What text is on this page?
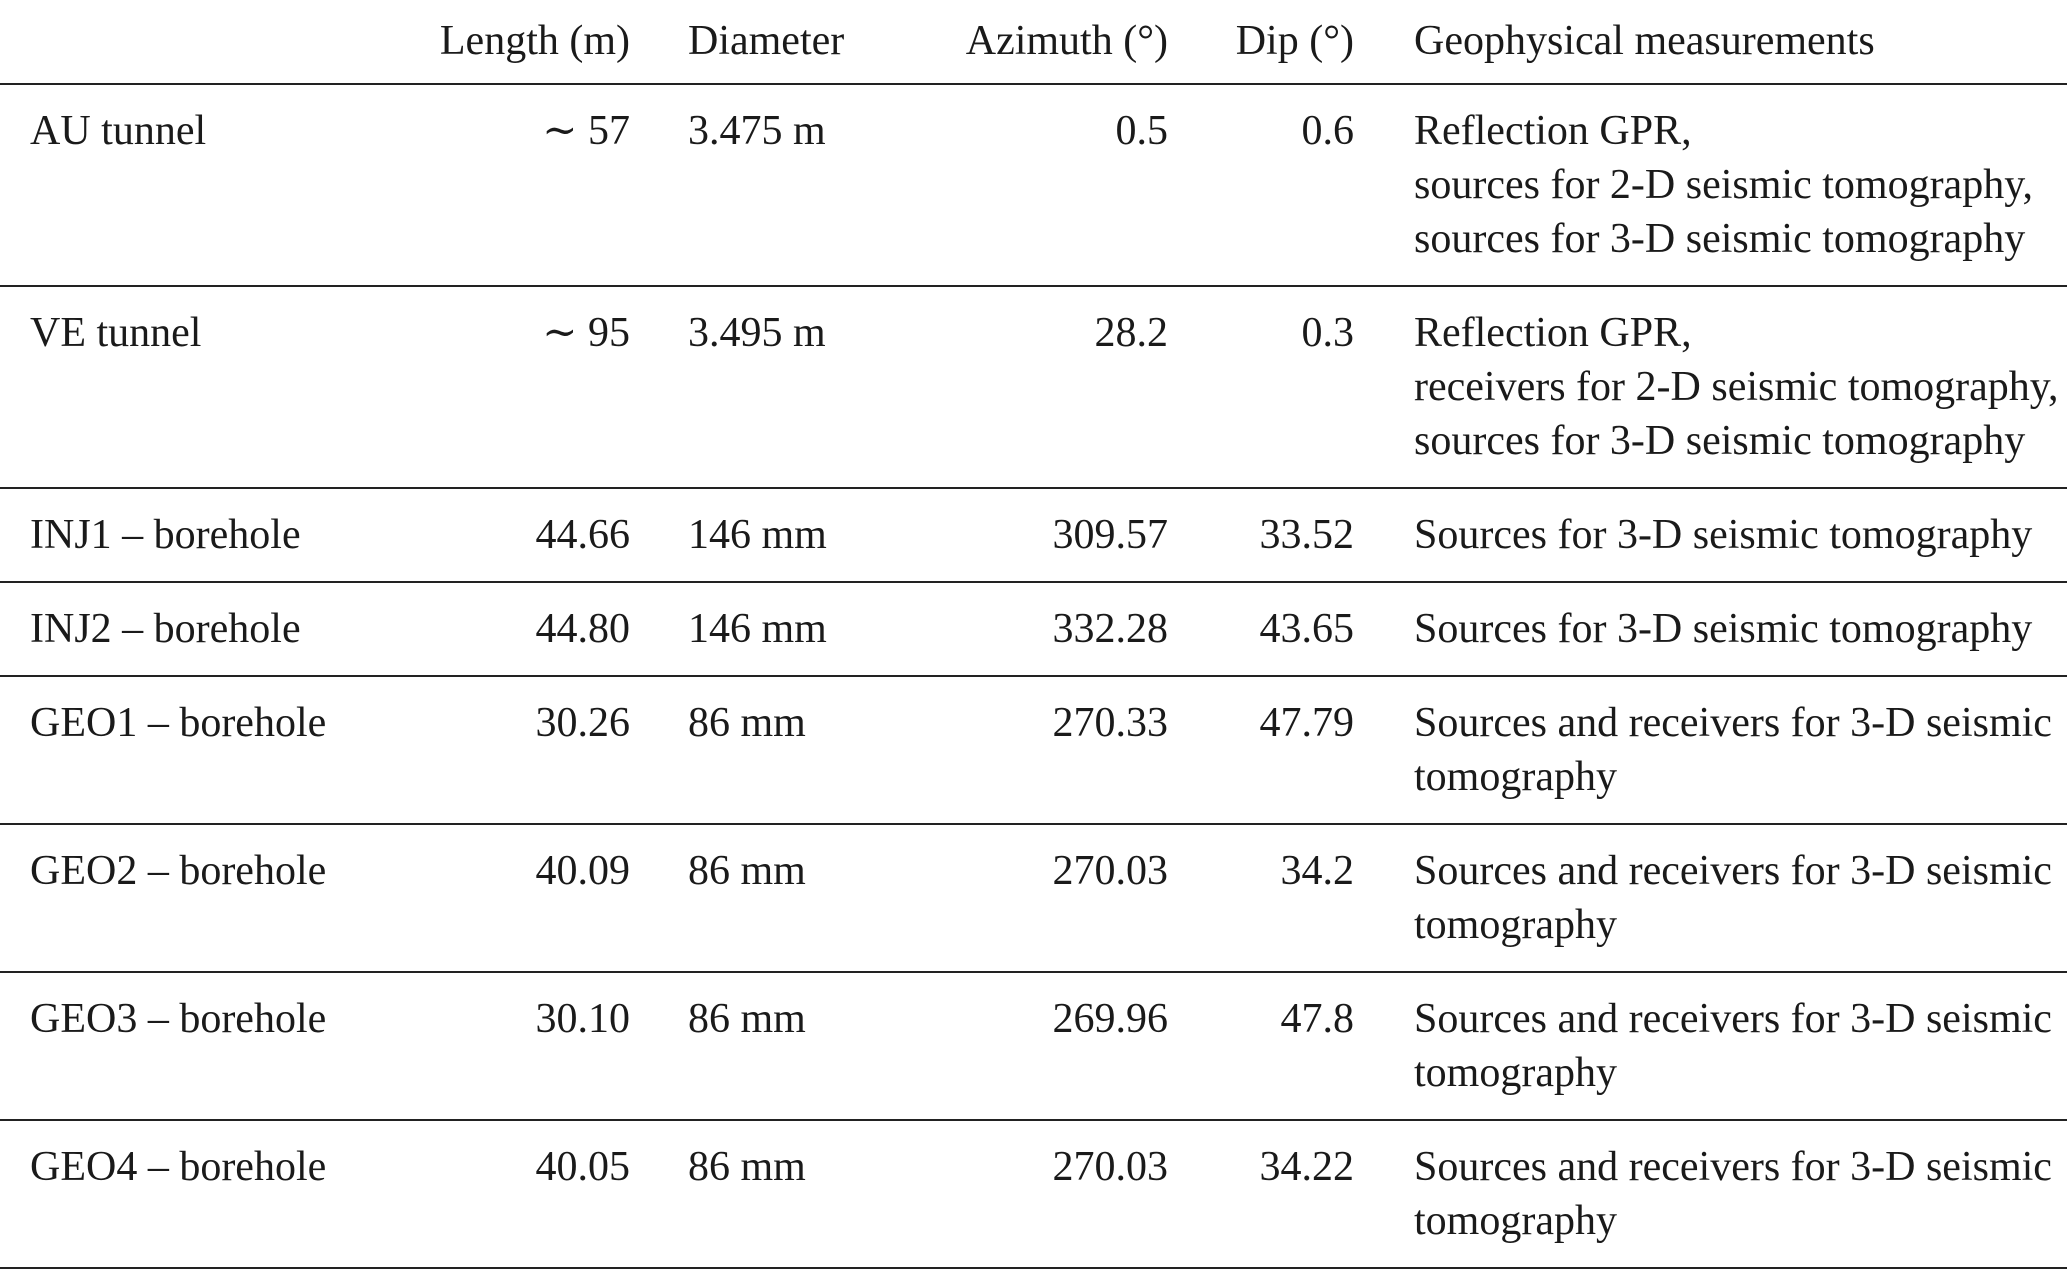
	Length (m)	Diameter	Azimuth (°)	Dip (°)	Geophysical measurements
AU tunnel	∼ 57	3.475 m	0.5	0.6	Reflection GPR,
sources for 2-D seismic tomography,
sources for 3-D seismic tomography

VE tunnel	∼ 95	3.495 m	28.2	0.3	Reflection GPR,
receivers for 2-D seismic tomography,
sources for 3-D seismic tomography

INJ1 – borehole	44.66	146 mm	309.57	33.52	Sources for 3-D seismic tomography

INJ2 – borehole	44.80	146 mm	332.28	43.65	Sources for 3-D seismic tomography

GEO1 – borehole	30.26	86 mm	270.33	47.79	Sources and receivers for 3-D seismic
tomography

GEO2 – borehole	40.09	86 mm	270.03	34.2	Sources and receivers for 3-D seismic
tomography

GEO3 – borehole	30.10	86 mm	269.96	47.8	Sources and receivers for 3-D seismic
tomography

GEO4 – borehole	40.05	86 mm	270.03	34.22	Sources and receivers for 3-D seismic
tomography
